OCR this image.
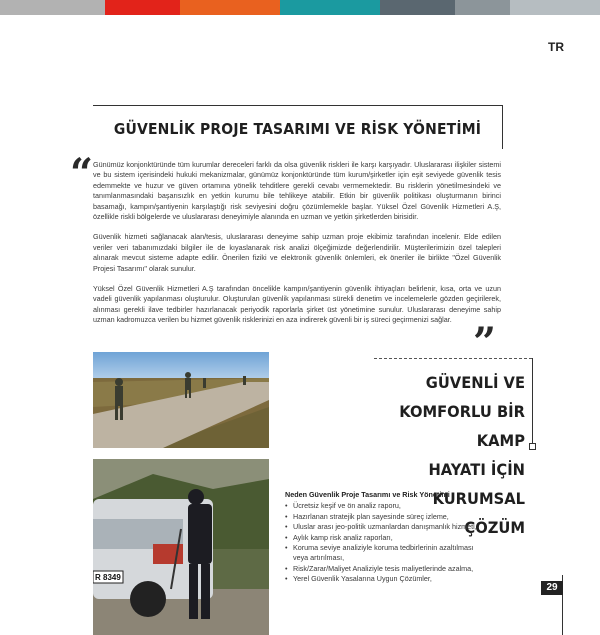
TR
GÜVENLİK PROJE TASARIMI VE RİSK YÖNETİMİ
“ Günümüz konjonktüründe tüm kurumlar dereceleri farklı da olsa güvenlik riskleri ile karşı karşıyadır. Uluslararası ilişkiler sistemi ve bu sistem içerisindeki hukuki mekanizmalar, günümüz konjonktüründe tüm kurum/şirketler için eşit seviyede güvenlik tesis edemmekte ve huzur ve güven ortamına yönelik tehditlere gerekli cevabı vermemektedir. Bu risklerin yönetilmesindeki ve tanımlanmasındaki başarısızlık en yetkin kurumu bile tehlikeye atabilir. Etkin bir güvenlik politikası oluşturmanın birinci basamağı, kampın/şantiyenin karşılaştığı risk seviyesini doğru çözümlemekle başlar. Yüksel Özel Güvenlik Hizmetleri A.Ş, özellikle riskli bölgelerde ve uluslararası deneyimiyle alanında en uzman ve yetkin şirketlerden birisidir.

Güvenlik hizmeti sağlanacak alan/tesis, uluslararası deneyime sahip uzman proje ekibimiz tarafından incelenir. Elde edilen veriler veri tabanımızdaki bilgiler ile de kıyaslanarak risk analizi ölçeğimizde değerlendirilir. Müşterilerimizin özel talepleri alınarak mevcut sisteme adapte edilir. Önerilen fiziki ve elektronik güvenlik önlemleri, ek öneriler ile birlikte "Özel Güvenlik Projesi Tasarımı" olarak sunulur.

Yüksel Özel Güvenlik Hizmetleri A.Ş tarafından öncelikle kampın/şantiyenin güvenlik ihtiyaçları belirlenir, kısa, orta ve uzun vadeli güvenlik yapılanması oluşturulur. Oluşturulan güvenlik yapılanması sürekli denetim ve incelemelerle gözden geçirilerek, alınması gerekli ilave tedbirler hazırlanacak periyodik raporlarla şirket üst yönetimine sunulur. Uluslararası deneyime sahip uzman kadromuzca verilen bu hizmet güvenlik risklerinizi en aza indirerek güvenli bir iş süreci geçirmenizi sağlar. ”
R 8349
GÜVENLİ VE
KOMFORLU BİR KAMP
HAYATI İÇİN
KURUMSAL ÇÖZÜM
Neden Güvenlik Proje Tasarımı ve Risk Yönetimi
• Ücretsiz keşif ve ön analiz raporu,
• Hazırlanan stratejik plan sayesinde süreç izleme,
• Uluslar arası jeo-politik uzmanlardan danışmanlık hizmeti,
• Aylık kamp risk analiz raporları,
• Koruma seviye analiziyle koruma tedbirlerinin azaltılması veya artırılması,
• Risk/Zarar/Maliyet Analiziyle tesis maliyetlerinde azalma,
• Yerel Güvenlik Yasalarına Uygun Çözümler,
29
